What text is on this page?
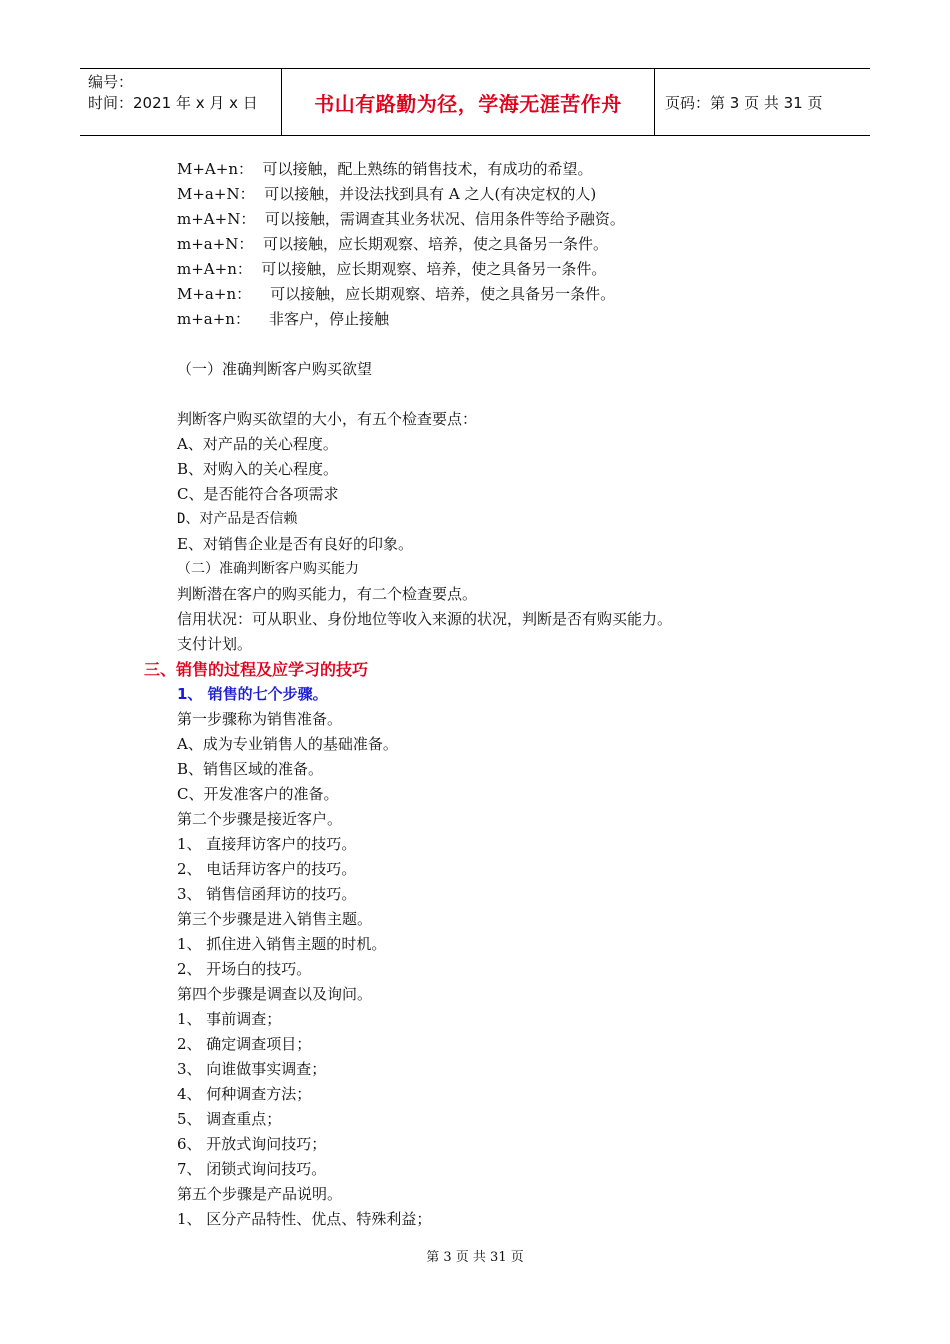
编号：
时间：2021 年 x 月 x 日	书山有路勤为径，学海无涯苦作舟	页码：第 3 页 共 31 页
M+A+n：  可以接触，配上熟练的销售技术，有成功的希望。
M+a+N：  可以接触，并设法找到具有 A 之人(有决定权的人)
m+A+N：  可以接触，需调查其业务状况、信用条件等给予融资。
m+a+N：  可以接触，应长期观察、培养，使之具备另一条件。
m+A+n：  可以接触，应长期观察、培养，使之具备另一条件。
M+a+n：    可以接触，应长期观察、培养，使之具备另一条件。
m+a+n：    非客户，停止接触
（一）准确判断客户购买欲望
判断客户购买欲望的大小，有五个检查要点：
A、对产品的关心程度。
B、对购入的关心程度。
C、是否能符合各项需求
D、对产品是否信赖
E、对销售企业是否有良好的印象。
（二）准确判断客户购买能力
判断潜在客户的购买能力，有二个检查要点。
信用状况：可从职业、身份地位等收入来源的状况，判断是否有购买能力。
支付计划。
三、销售的过程及应学习的技巧
1、 销售的七个步骤。
第一步骤称为销售准备。
A、成为专业销售人的基础准备。
B、销售区域的准备。
C、开发准客户的准备。
第二个步骤是接近客户。
1、 直接拜访客户的技巧。
2、 电话拜访客户的技巧。
3、 销售信函拜访的技巧。
第三个步骤是进入销售主题。
1、 抓住进入销售主题的时机。
2、 开场白的技巧。
第四个步骤是调查以及询问。
1、 事前调查；
2、 确定调查项目；
3、 向谁做事实调查；
4、 何种调查方法；
5、 调查重点；
6、 开放式询问技巧；
7、 闭锁式询问技巧。
第五个步骤是产品说明。
1、 区分产品特性、优点、特殊利益；
第 3 页 共 31 页
